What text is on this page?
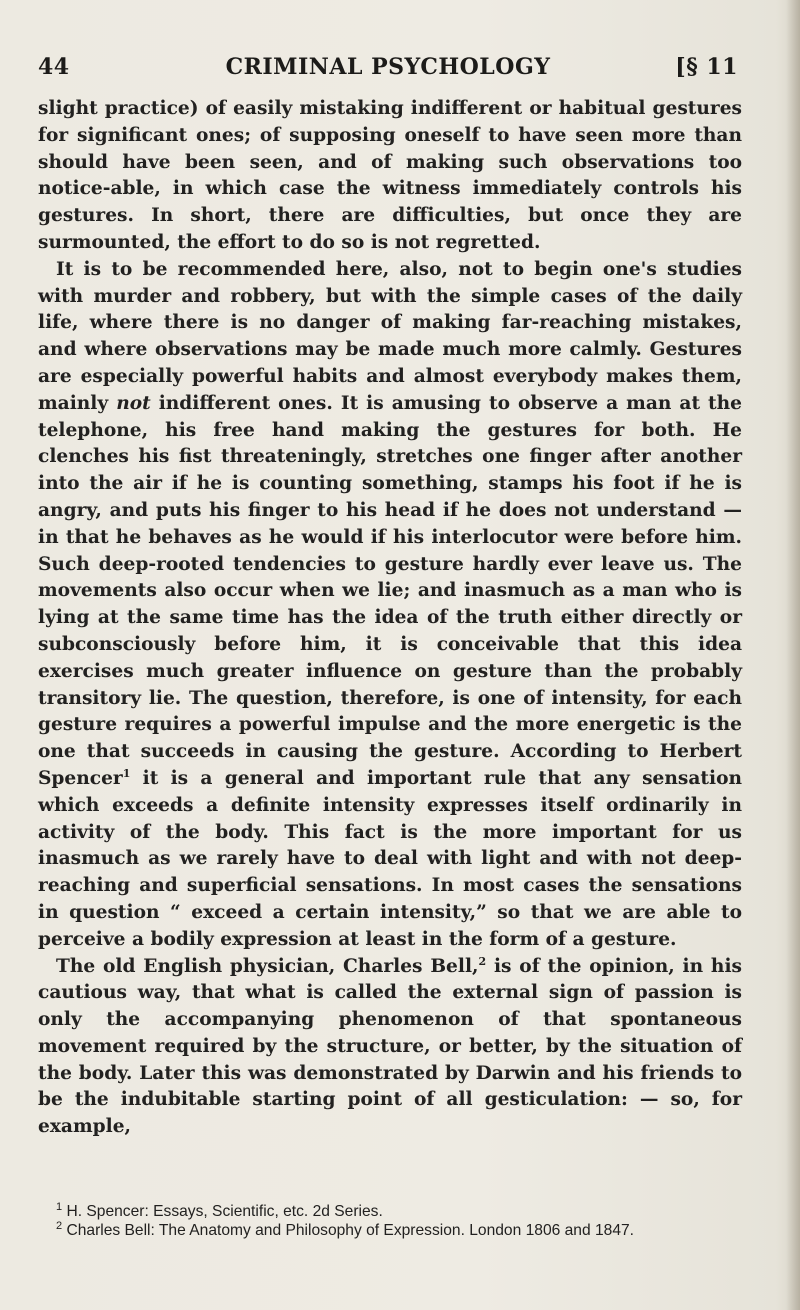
44	CRIMINAL PSYCHOLOGY	[§ 11

slight practice) of easily mistaking indifferent or habitual gestures for significant ones; of supposing oneself to have seen more than should have been seen, and of making such observations too notice-able, in which case the witness immediately controls his gestures. In short, there are difficulties, but once they are surmounted, the effort to do so is not regretted.

It is to be recommended here, also, not to begin one's studies with murder and robbery, but with the simple cases of the daily life, where there is no danger of making far-reaching mistakes, and where observations may be made much more calmly. Gestures are especially powerful habits and almost everybody makes them, mainly not indifferent ones. It is amusing to observe a man at the telephone, his free hand making the gestures for both. He clenches his fist threateningly, stretches one finger after another into the air if he is counting something, stamps his foot if he is angry, and puts his finger to his head if he does not understand — in that he behaves as he would if his interlocutor were before him. Such deep-rooted tendencies to gesture hardly ever leave us. The movements also occur when we lie; and inasmuch as a man who is lying at the same time has the idea of the truth either directly or subconsciously before him, it is conceivable that this idea exercises much greater influence on gesture than the probably transitory lie. The question, therefore, is one of intensity, for each gesture requires a powerful impulse and the more energetic is the one that succeeds in causing the gesture. According to Herbert Spencer$^1$ it is a general and important rule that any sensation which exceeds a definite intensity expresses itself ordinarily in activity of the body. This fact is the more important for us inasmuch as we rarely have to deal with light and with not deep-reaching and superficial sensations. In most cases the sensations in question “ exceed a certain intensity,” so that we are able to perceive a bodily expression at least in the form of a gesture.

The old English physician, Charles Bell,$^2$ is of the opinion, in his cautious way, that what is called the external sign of passion is only the accompanying phenomenon of that spontaneous movement required by the structure, or better, by the situation of the body. Later this was demonstrated by Darwin and his friends to be the indubitable starting point of all gesticulation: — so, for example,

$^1$ H. Spencer: Essays, Scientific, etc. 2d Series.

$^2$ Charles Bell: The Anatomy and Philosophy of Expression. London 1806 and 1847.
